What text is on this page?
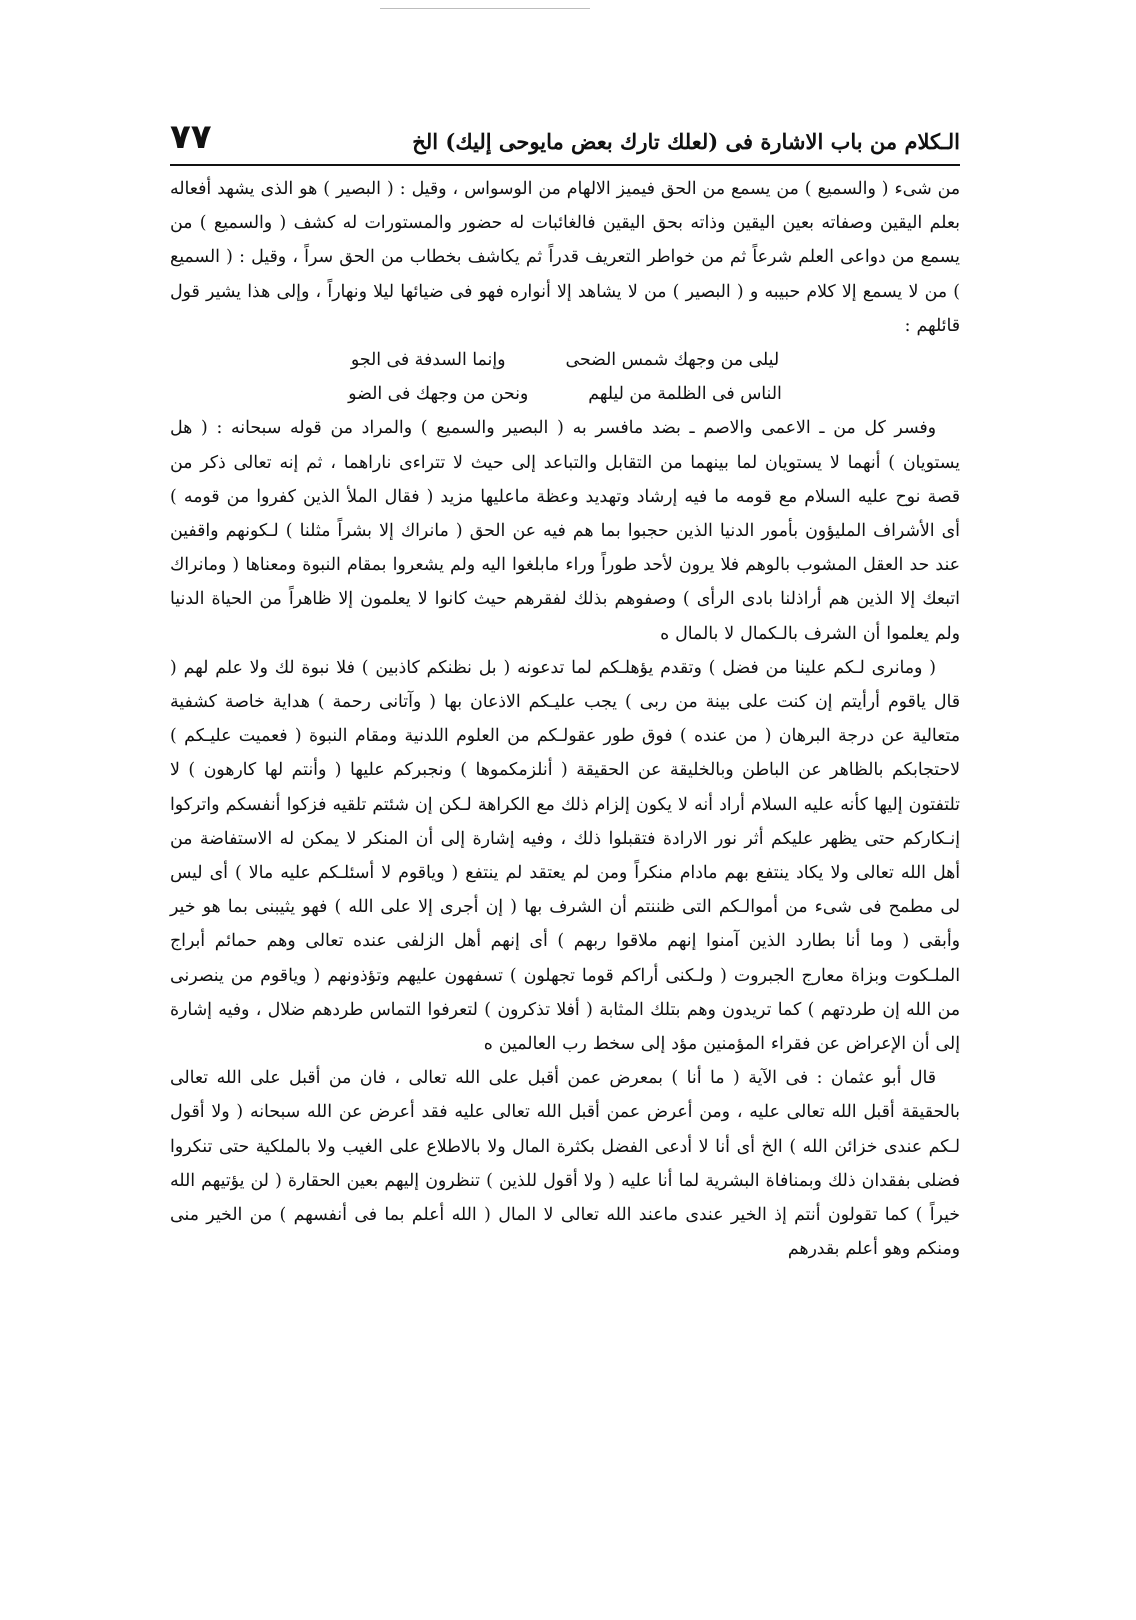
الـكلام من باب الاشارة فى (لعلك تارك بعض مايوحى إليك) الخ
٧٧

من شىء ( والسميع ) من يسمع من الحق فيميز الالهام من الوسواس ، وقيل : ( البصير ) هو الذى يشهد أفعاله بعلم اليقين وصفاته بعين اليقين وذاته بحق اليقين فالغائبات له حضور والمستورات له كشف ( والسميع ) من يسمع من دواعى العلم شرعاً ثم من خواطر التعريف قدراً ثم يكاشف بخطاب من الحق سراً ، وقيل : ( السميع ) من لا يسمع إلا كلام حبيبه و ( البصير ) من لا يشاهد إلا أنواره فهو فى ضيائها ليلا ونهاراً ، وإلى هذا يشير قول قائلهم :

ليلى من وجهك شمس الضحى
وإنما السدفة فى الجو
الناس فى الظلمة من ليلهم
ونحن من وجهك فى الضو

وفسر كل من ـ الاعمى والاصم ـ بضد مافسر به ( البصير والسميع ) والمراد من قوله سبحانه : ( هل يستويان ) أنهما لا يستويان لما بينهما من التقابل والتباعد إلى حيث لا تتراءى ناراهما ، ثم إنه تعالى ذكر من قصة نوح عليه السلام مع قومه ما فيه إرشاد وتهديد وعظة ماعليها مزيد ( فقال الملأ الذين كفروا من قومه ) أى الأشراف المليؤون بأمور الدنيا الذين حجبوا بما هم فيه عن الحق ( مانراك إلا بشراً مثلنا ) لـكونهم واقفين عند حد العقل المشوب بالوهم فلا يرون لأحد طوراً وراء مابلغوا اليه ولم يشعروا بمقام النبوة ومعناها ( ومانراك اتبعك إلا الذين هم أراذلنا بادى الرأى ) وصفوهم بذلك لفقرهم حيث كانوا لا يعلمون إلا ظاهراً من الحياة الدنيا ولم يعلموا أن الشرف بالـكمال لا بالمال ه

( ومانرى لـكم علينا من فضل ) وتقدم يؤهلـكم لما تدعونه ( بل نظنكم كاذبين ) فلا نبوة لك ولا علم لهم ( قال ياقوم أرأيتم إن كنت على بينة من ربى ) يجب عليـكم الاذعان بها ( وآتانى رحمة ) هداية خاصة كشفية متعالية عن درجة البرهان ( من عنده ) فوق طور عقولـكم من العلوم اللدنية ومقام النبوة ( فعميت عليـكم ) لاحتجابكم بالظاهر عن الباطن وبالخليقة عن الحقيقة ( أنلزمكموها ) ونجبركم عليها ( وأنتم لها كارهون ) لا تلتفتون إليها كأنه عليه السلام أراد أنه لا يكون إلزام ذلك مع الكراهة لـكن إن شئتم تلقيه فزكوا أنفسكم واتركوا إنـكاركم حتى يظهر عليكم أثر نور الارادة فتقبلوا ذلك ، وفيه إشارة إلى أن المنكر لا يمكن له الاستفاضة من أهل الله تعالى ولا يكاد ينتفع بهم مادام منكراً ومن لم يعتقد لم ينتفع ( وياقوم لا أسئلـكم عليه مالا ) أى ليس لى مطمح فى شىء من أموالـكم التى ظننتم أن الشرف بها ( إن أجرى إلا على الله ) فهو يثيبنى بما هو خير وأبقى ( وما أنا بطارد الذين آمنوا إنهم ملاقوا ربهم ) أى إنهم أهل الزلفى عنده تعالى وهم حمائم أبراج الملـكوت وبزاة معارج الجبروت ( ولـكنى أراكم قوما تجهلون ) تسفهون عليهم وتؤذونهم ( وياقوم من ينصرنى من الله إن طردتهم ) كما تريدون وهم بتلك المثابة ( أفلا تذكرون ) لتعرفوا التماس طردهم ضلال ، وفيه إشارة إلى أن الإعراض عن فقراء المؤمنين مؤد إلى سخط رب العالمين ه

قال أبو عثمان : فى الآية ( ما أنا ) بمعرض عمن أقبل على الله تعالى ، فان من أقبل على الله تعالى بالحقيقة أقبل الله تعالى عليه ، ومن أعرض عمن أقبل الله تعالى عليه فقد أعرض عن الله سبحانه ( ولا أقول لـكم عندى خزائن الله ) الخ أى أنا لا أدعى الفضل بكثرة المال ولا بالاطلاع على الغيب ولا بالملكية حتى تنكروا فضلى بفقدان ذلك وبمنافاة البشرية لما أنا عليه ( ولا أقول للذين ) تنظرون إليهم بعين الحقارة ( لن يؤتيهم الله خيراً ) كما تقولون أنتم إذ الخير عندى ماعند الله تعالى لا المال ( الله أعلم بما فى أنفسهم ) من الخير منى ومنكم وهو أعلم بقدرهم
